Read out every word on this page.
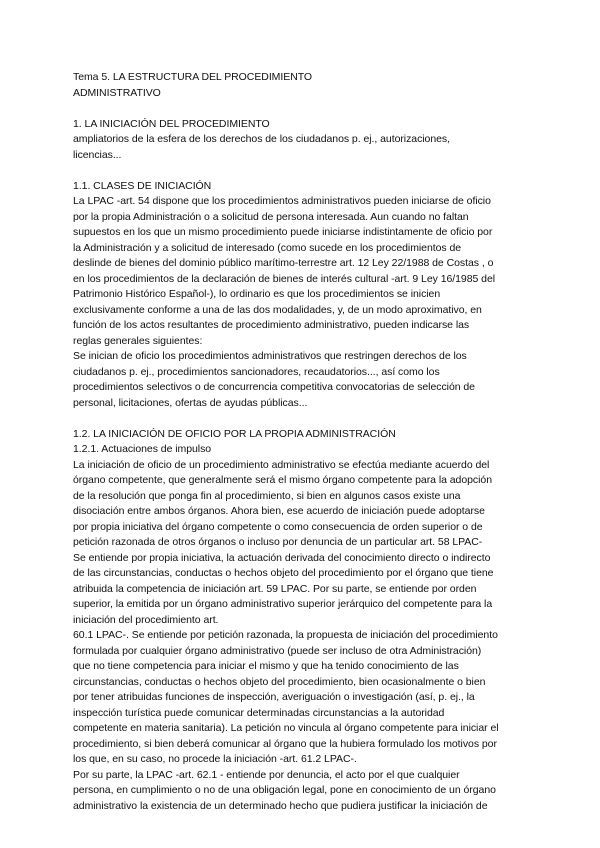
Tema 5. LA ESTRUCTURA DEL PROCEDIMIENTO
ADMINISTRATIVO

1. LA INICIACIÓN DEL PROCEDIMIENTO

ampliatorios de la esfera de los derechos de los ciudadanos p. ej., autorizaciones,
licencias...

1.1. CLASES DE INICIACIÓN

La LPAC -art. 54 dispone que los procedimientos administrativos pueden iniciarse de oficio
por la propia Administración o a solicitud de persona interesada. Aun cuando no faltan
supuestos en los que un mismo procedimiento puede iniciarse indistintamente de oficio por
la Administración y a solicitud de interesado (como sucede en los procedimientos de
deslinde de bienes del dominio público marítimo-terrestre art. 12 Ley 22/1988 de Costas , o
en los procedimientos de la declaración de bienes de interés cultural -art. 9 Ley 16/1985 del
Patrimonio Histórico Español-), lo ordinario es que los procedimientos se inicien
exclusivamente conforme a una de las dos modalidades, y, de un modo aproximativo, en
función de los actos resultantes de procedimiento administrativo, pueden indicarse las
reglas generales siguientes:

Se inician de oficio los procedimientos administrativos que restringen derechos de los
ciudadanos p. ej., procedimientos sancionadores, recaudatorios..., así como los
procedimientos selectivos o de concurrencia competitiva convocatorias de selección de
personal, licitaciones, ofertas de ayudas públicas...

1.2. LA INICIACIÓN DE OFICIO POR LA PROPIA ADMINISTRACIÓN

1.2.1. Actuaciones de impulso

La iniciación de oficio de un procedimiento administrativo se efectúa mediante acuerdo del
órgano competente, que generalmente será el mismo órgano competente para la adopción
de la resolución que ponga fin al procedimiento, si bien en algunos casos existe una
disociación entre ambos órganos. Ahora bien, ese acuerdo de iniciación puede adoptarse
por propia iniciativa del órgano competente o como consecuencia de orden superior o de
petición razonada de otros órganos o incluso por denuncia de un particular art. 58 LPAC-

Se entiende por propia iniciativa, la actuación derivada del conocimiento directo o indirecto
de las circunstancias, conductas o hechos objeto del procedimiento por el órgano que tiene
atribuida la competencia de iniciación art. 59 LPAC. Por su parte, se entiende por orden
superior, la emitida por un órgano administrativo superior jerárquico del competente para la
iniciación del procedimiento art.

60.1 LPAC-. Se entiende por petición razonada, la propuesta de iniciación del procedimiento
formulada por cualquier órgano administrativo (puede ser incluso de otra Administración)
que no tiene competencia para iniciar el mismo y que ha tenido conocimiento de las
circunstancias, conductas o hechos objeto del procedimiento, bien ocasionalmente o bien
por tener atribuidas funciones de inspección, averiguación o investigación (así, p. ej., la
inspección turística puede comunicar determinadas circunstancias a la autoridad
competente en materia sanitaria). La petición no vincula al órgano competente para iniciar el
procedimiento, si bien deberá comunicar al órgano que la hubiera formulado los motivos por
los que, en su caso, no procede la iniciación -art. 61.2 LPAC-.

Por su parte, la LPAC -art. 62.1 - entiende por denuncia, el acto por el que cualquier
persona, en cumplimiento o no de una obligación legal, pone en conocimiento de un órgano
administrativo la existencia de un determinado hecho que pudiera justificar la iniciación de
